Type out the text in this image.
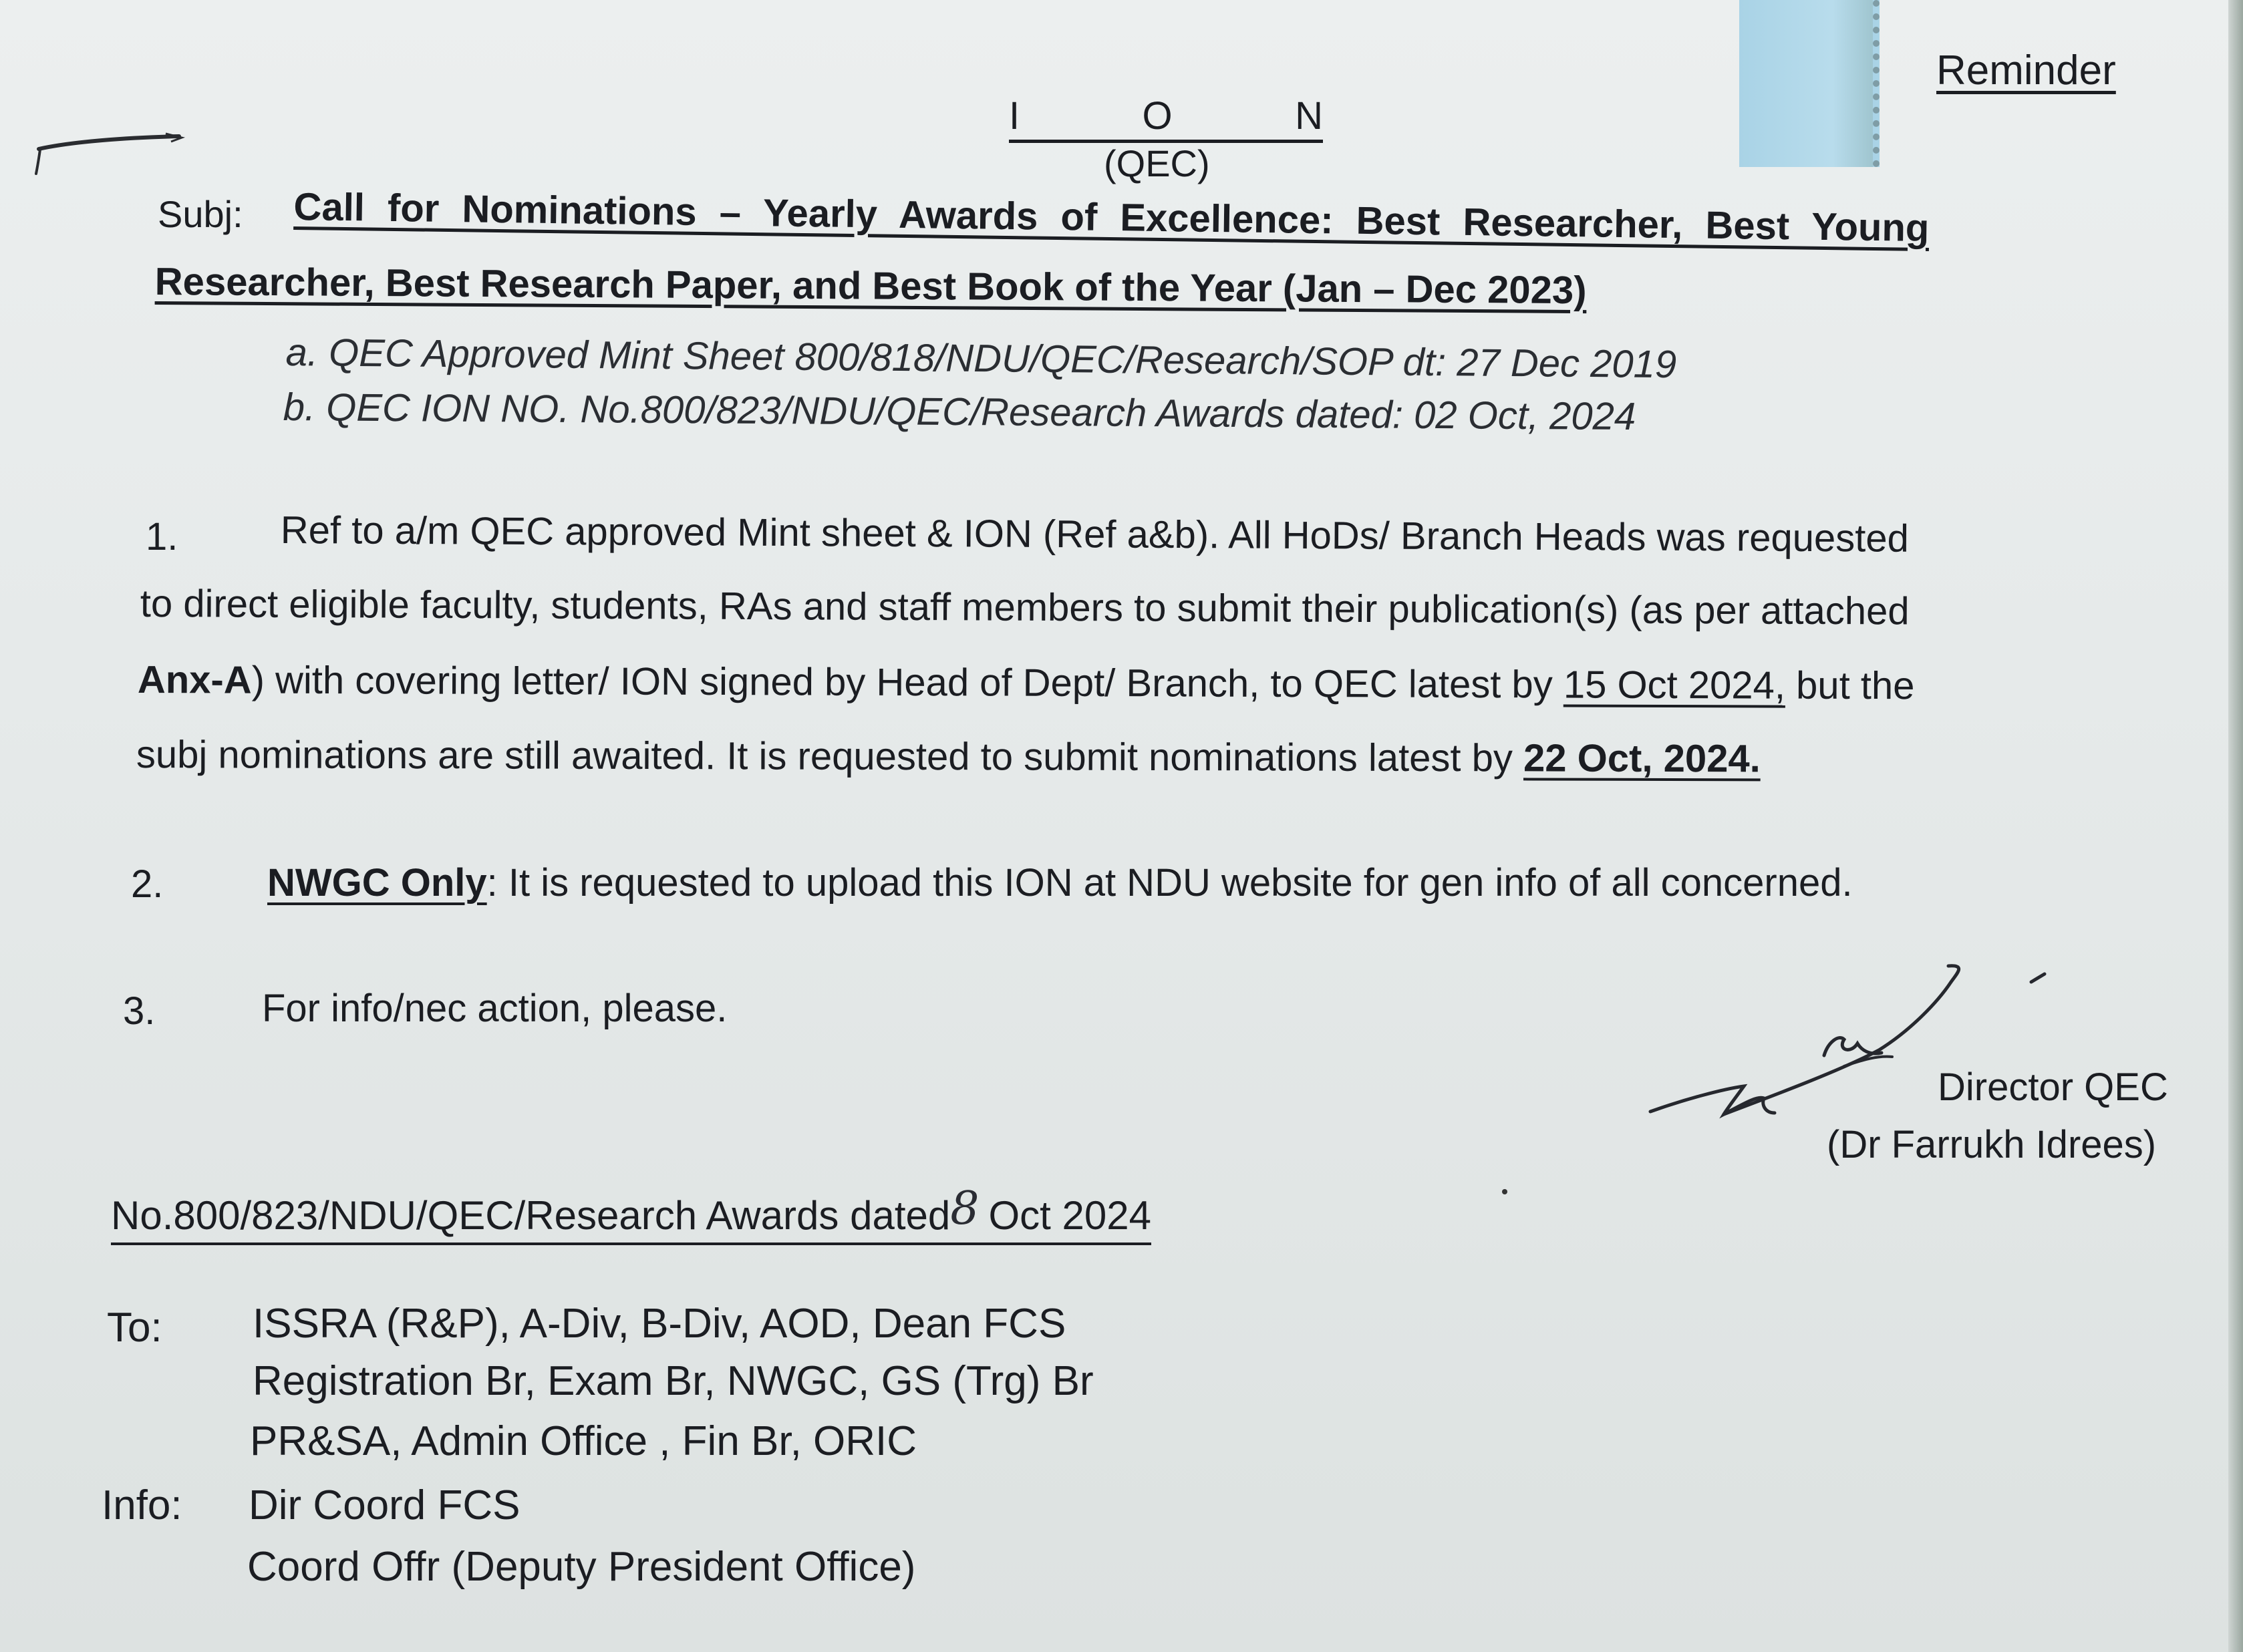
Reminder
I	O	N
(QEC)
Subj: Call for Nominations – Yearly Awards of Excellence: Best Researcher, Best Young
Researcher, Best Research Paper, and Best Book of the Year (Jan – Dec 2023)
a. QEC Approved Mint Sheet 800/818/NDU/QEC/Research/SOP dt: 27 Dec 2019
b. QEC ION NO. No.800/823/NDU/QEC/Research Awards dated: 02 Oct, 2024
1.	Ref to a/m QEC approved Mint sheet & ION (Ref a&b). All HoDs/ Branch Heads was requested
to direct eligible faculty, students, RAs and staff members to submit their publication(s) (as per attached
Anx-A) with covering letter/ ION signed by Head of Dept/ Branch, to QEC latest by 15 Oct 2024, but the
subj nominations are still awaited. It is requested to submit nominations latest by 22 Oct, 2024.
2.	NWGC Only: It is requested to upload this ION at NDU website for gen info of all concerned.
3.	For info/nec action, please.
Director QEC
(Dr Farrukh Idrees)
No.800/823/NDU/QEC/Research Awards dated8 Oct 2024
To: ISSRA (R&P), A-Div, B-Div, AOD, Dean FCS
Registration Br, Exam Br, NWGC, GS (Trg) Br
PR&SA, Admin Office , Fin Br, ORIC
Info: Dir Coord FCS
Coord Offr (Deputy President Office)
